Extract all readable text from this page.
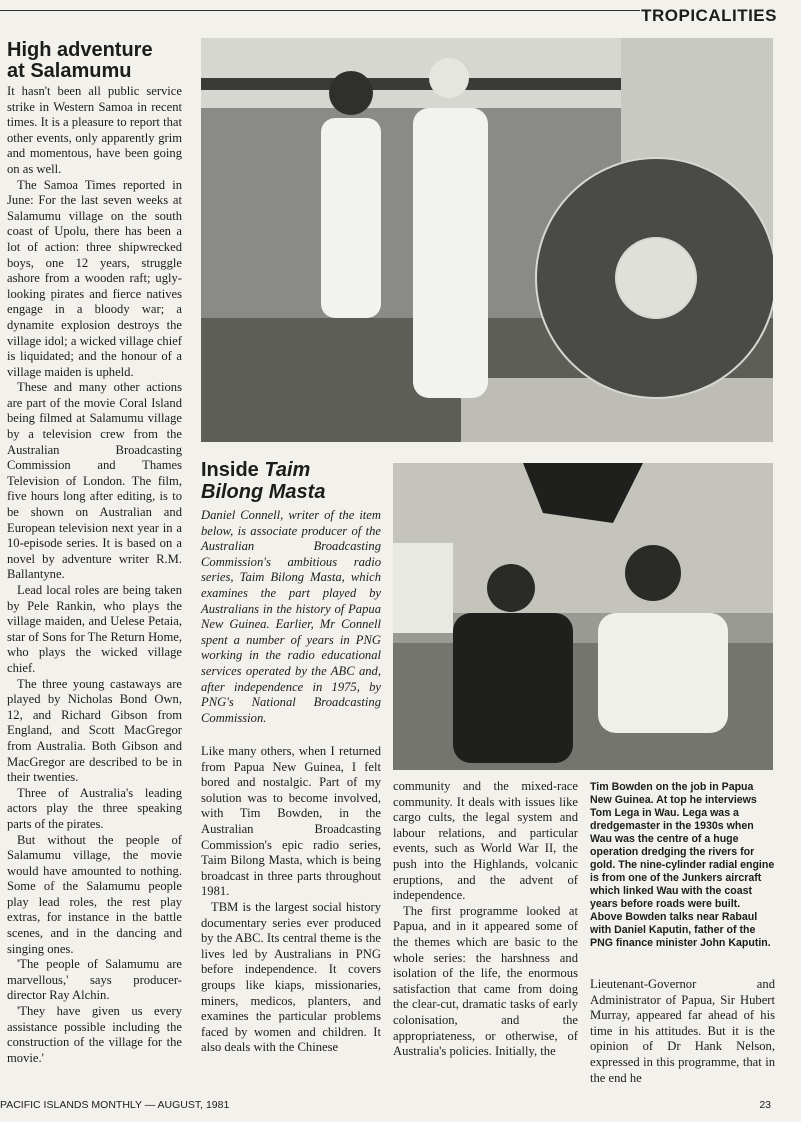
TROPICALITIES
High adventure
at Salamumu

It hasn't been all public service strike in Western Samoa in recent times. It is a pleasure to report that other events, only apparently grim and momentous, have been going on as well.

The Samoa Times reported in June: For the last seven weeks at Salamumu village on the south coast of Upolu, there has been a lot of action: three shipwrecked boys, one 12 years, struggle ashore from a wooden raft; ugly-looking pirates and fierce natives engage in a bloody war; a dynamite explosion destroys the village idol; a wicked village chief is liquidated; and the honour of a village maiden is upheld.

These and many other actions are part of the movie Coral Island being filmed at Salamumu village by a television crew from the Australian Broadcasting Commission and Thames Television of London. The film, five hours long after editing, is to be shown on Australian and European television next year in a 10-episode series. It is based on a novel by adventure writer R.M. Ballantyne.

Lead local roles are being taken by Pele Rankin, who plays the village maiden, and Uelese Petaia, star of Sons for The Return Home, who plays the wicked village chief.

The three young castaways are played by Nicholas Bond Own, 12, and Richard Gibson from England, and Scott MacGregor from Australia. Both Gibson and MacGregor are described to be in their twenties.

Three of Australia's leading actors play the three speaking parts of the pirates.

But without the people of Salamumu village, the movie would have amounted to nothing. Some of the Salamumu people play lead roles, the rest play extras, for instance in the battle scenes, and in the dancing and singing ones.

'The people of Salamumu are marvellous,' says producer-director Ray Alchin.

'They have given us every assistance possible including the construction of the village for the movie.'

Inside Taim
Bilong Masta
Daniel Connell, writer of the item below, is associate producer of the Australian Broadcasting Commission's ambitious radio series, Taim Bilong Masta, which examines the part played by Australians in the history of Papua New Guinea. Earlier, Mr Connell spent a number of years in PNG working in the radio educational services operated by the ABC and, after independence in 1975, by PNG's National Broadcasting Commission.

Like many others, when I returned from Papua New Guinea, I felt bored and nostalgic. Part of my solution was to become involved, with Tim Bowden, in the Australian Broadcasting Commission's epic radio series, Taim Bilong Masta, which is being broadcast in three parts throughout 1981.

TBM is the largest social history documentary series ever produced by the ABC. Its central theme is the lives led by Australians in PNG before independence. It covers groups like kiaps, missionaries, miners, medicos, planters, and examines the particular problems faced by women and children. It also deals with the Chinese

community and the mixed-race community. It deals with issues like cargo cults, the legal system and labour relations, and particular events, such as World War II, the push into the Highlands, volcanic eruptions, and the advent of independence.

The first programme looked at Papua, and in it appeared some of the themes which are basic to the whole series: the harshness and isolation of the life, the enormous satisfaction that came from doing the clear-cut, dramatic tasks of early colonisation, and the appropriateness, or otherwise, of Australia's policies. Initially, the

Tim Bowden on the job in Papua New Guinea. At top he interviews Tom Lega in Wau. Lega was a dredgemaster in the 1930s when Wau was the centre of a huge operation dredging the rivers for gold. The nine-cylinder radial engine is from one of the Junkers aircraft which linked Wau with the coast years before roads were built. Above Bowden talks near Rabaul with Daniel Kaputin, father of the PNG finance minister John Kaputin.

Lieutenant-Governor and Administrator of Papua, Sir Hubert Murray, appeared far ahead of his time in his attitudes. But it is the opinion of Dr Hank Nelson, expressed in this programme, that in the end he

PACIFIC ISLANDS MONTHLY — AUGUST, 1981	23
